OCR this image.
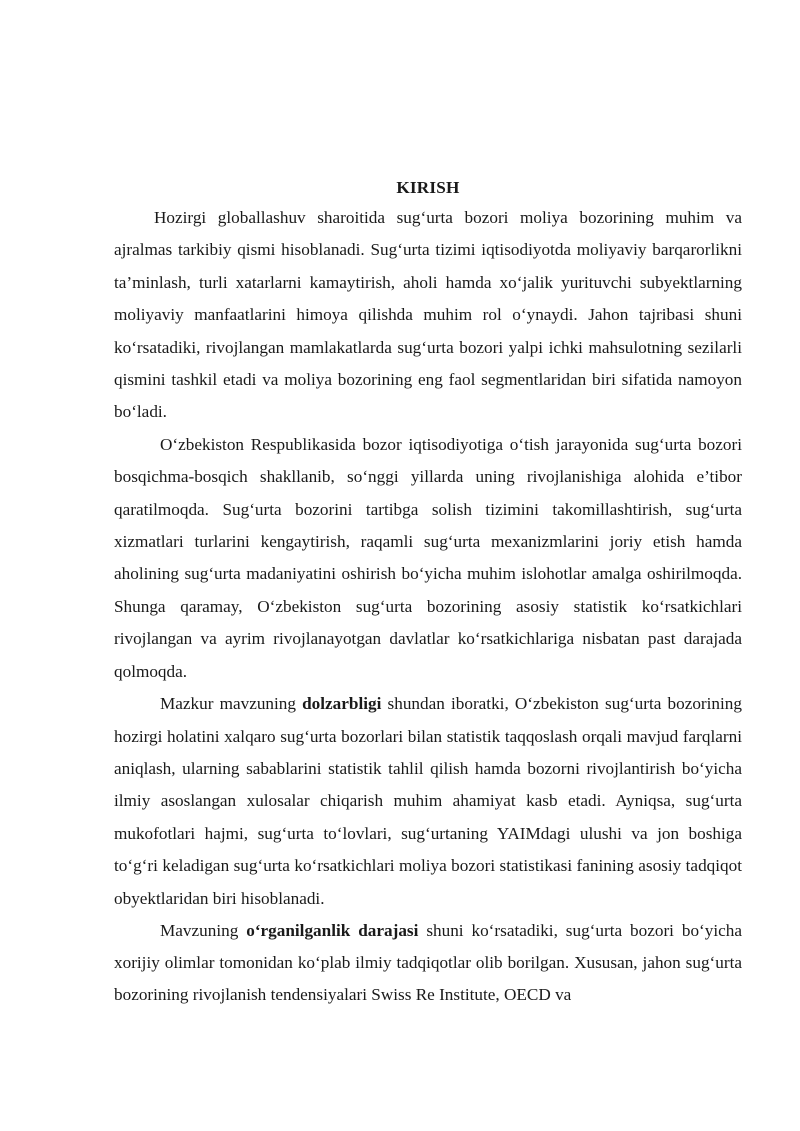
KIRISH

Hozirgi globallashuv sharoitida sug‘urta bozori moliya bozorining muhim va ajralmas tarkibiy qismi hisoblanadi. Sug‘urta tizimi iqtisodiyotda moliyaviy barqarorlikni ta’minlash, turli xatarlarni kamaytirish, aholi hamda xo‘jalik yurituvchi subyektlarning moliyaviy manfaatlarini himoya qilishda muhim rol o‘ynaydi. Jahon tajribasi shuni ko‘rsatadiki, rivojlangan mamlakatlarda sug‘urta bozori yalpi ichki mahsulotning sezilarli qismini tashkil etadi va moliya bozorining eng faol segmentlaridan biri sifatida namoyon bo‘ladi.

O‘zbekiston Respublikasida bozor iqtisodiyotiga o‘tish jarayonida sug‘urta bozori bosqichma-bosqich shakllanib, so‘nggi yillarda uning rivojlanishiga alohida e’tibor qaratilmoqda. Sug‘urta bozorini tartibga solish tizimini takomillashtirish, sug‘urta xizmatlari turlarini kengaytirish, raqamli sug‘urta mexanizmlarini joriy etish hamda aholining sug‘urta madaniyatini oshirish bo‘yicha muhim islohotlar amalga oshirilmoqda. Shunga qaramay, O‘zbekiston sug‘urta bozorining asosiy statistik ko‘rsatkichlari rivojlangan va ayrim rivojlanayotgan davlatlar ko‘rsatkichlariga nisbatan past darajada qolmoqda.

Mazkur mavzuning dolzarbligi shundan iboratki, O‘zbekiston sug‘urta bozorining hozirgi holatini xalqaro sug‘urta bozorlari bilan statistik taqqoslash orqali mavjud farqlarni aniqlash, ularning sabablarini statistik tahlil qilish hamda bozorni rivojlantirish bo‘yicha ilmiy asoslangan xulosalar chiqarish muhim ahamiyat kasb etadi. Ayniqsa, sug‘urta mukofotlari hajmi, sug‘urta to‘lovlari, sug‘urtaning YAIMdagi ulushi va jon boshiga to‘g‘ri keladigan sug‘urta ko‘rsatkichlari moliya bozori statistikasi fanining asosiy tadqiqot obyektlaridan biri hisoblanadi.

Mavzuning o‘rganilganlik darajasi shuni ko‘rsatadiki, sug‘urta bozori bo‘yicha xorijiy olimlar tomonidan ko‘plab ilmiy tadqiqotlar olib borilgan. Xususan, jahon sug‘urta bozorining rivojlanish tendensiyalari Swiss Re Institute, OECD va
